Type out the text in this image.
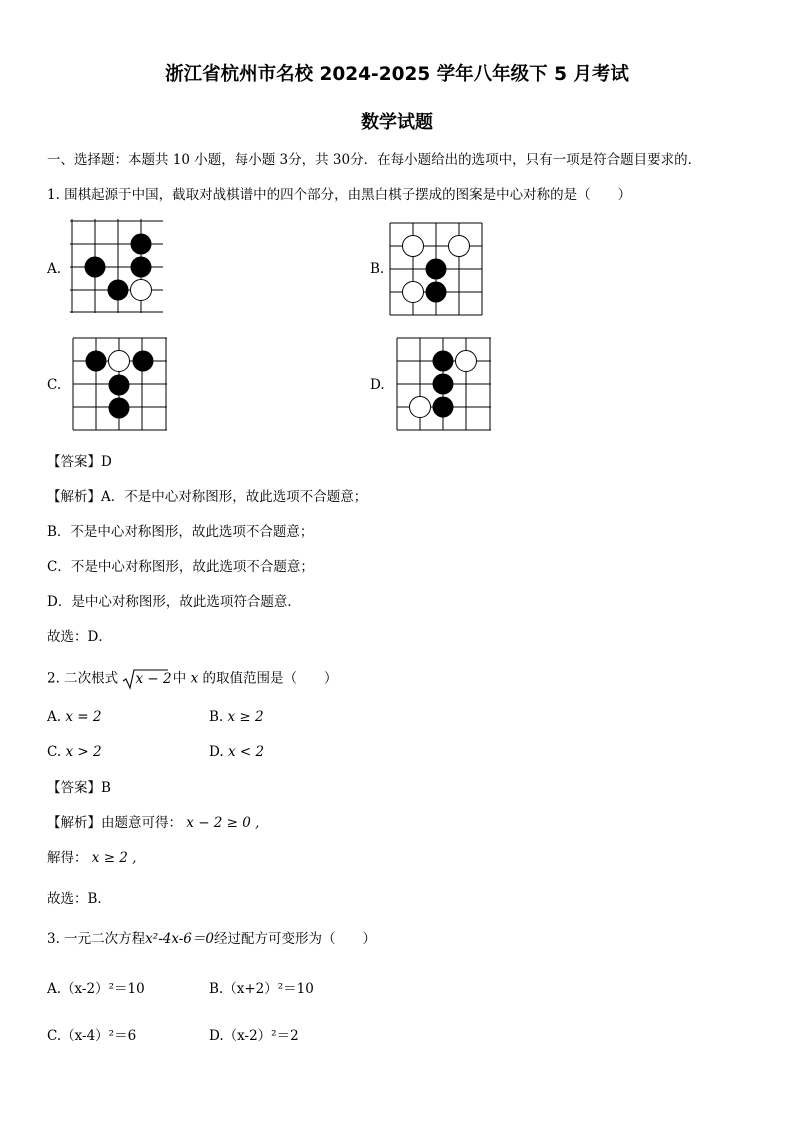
浙江省杭州市名校 2024-2025 学年八年级下 5 月考试
数学试题
一、选择题：本题共 10 小题，每小题 3分，共 30分．在每小题给出的选项中，只有一项是符合题目要求的．
1. 围棋起源于中国，截取对战棋谱中的四个部分，由黑白棋子摆成的图案是中心对称的是（　　）
A.	B.
C.	D.
【答案】D
【解析】A．不是中心对称图形，故此选项不合题意；
B．不是中心对称图形，故此选项不合题意；
C．不是中心对称图形，故此选项不合题意；
D．是中心对称图形，故此选项符合题意．
故选：D．
2. 二次根式 x − 2 中 x 的取值范围是（　　）
A. x = 2	B. x ≥ 2
C. x > 2	D. x < 2
【答案】B
【解析】由题意可得： x − 2 ≥ 0 ,
解得： x ≥ 2 ,
故选：B．
3. 一元二次方程x²-4x-6＝0经过配方可变形为（　　）
A.（x-2）²＝10	B.（x+2）²＝10
C.（x-4）²＝6	D.（x-2）²＝2
